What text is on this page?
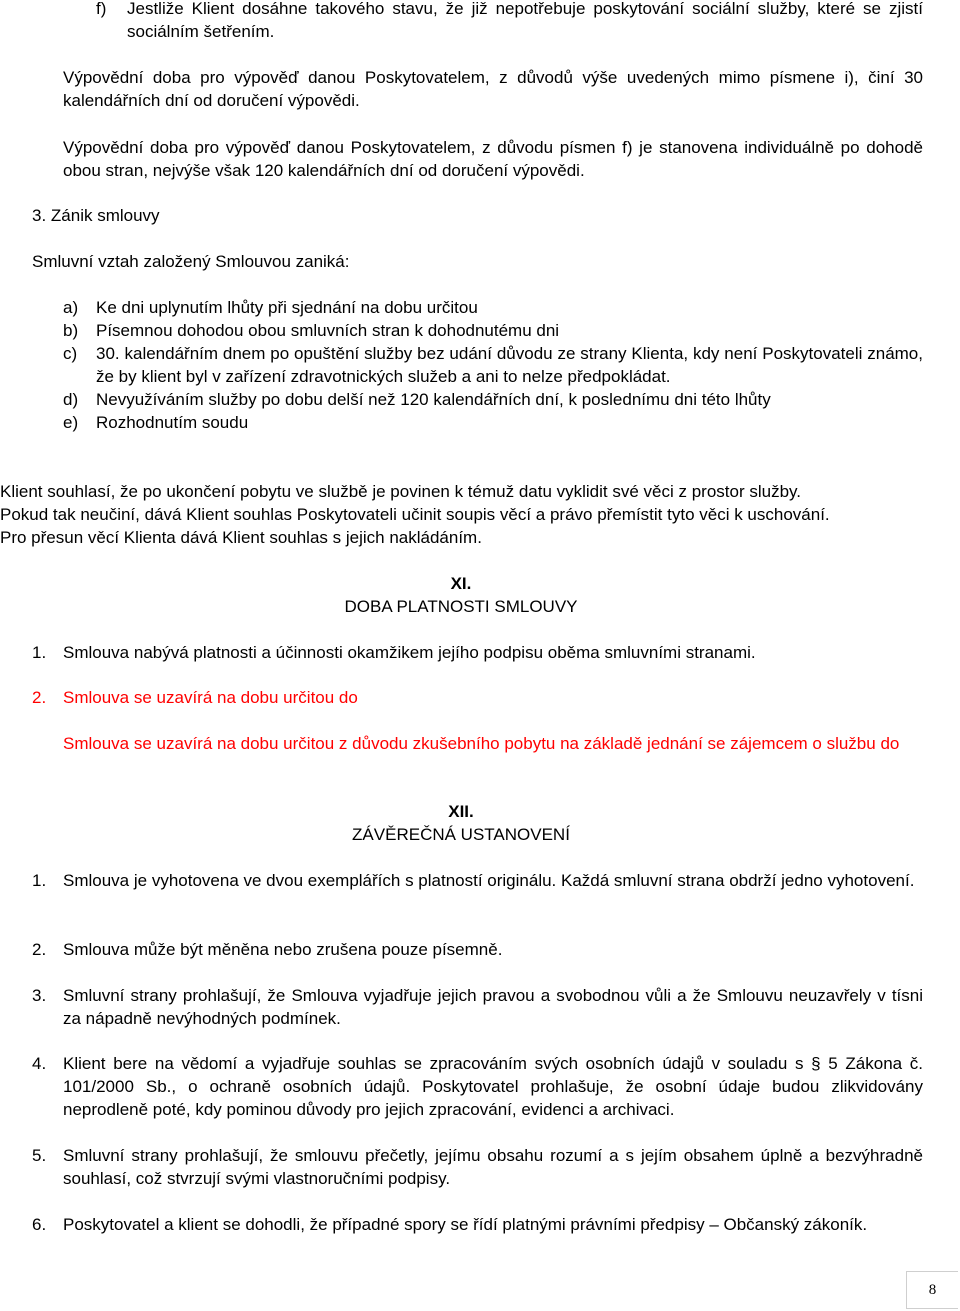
f)	Jestliže Klient dosáhne takového stavu, že již nepotřebuje poskytování sociální služby, které se zjistí sociálním šetřením.
Výpovědní doba pro výpověď danou Poskytovatelem, z důvodů výše uvedených mimo písmene i), činí 30 kalendářních dní od doručení výpovědi.
Výpovědní doba pro výpověď danou Poskytovatelem, z důvodu písmen f) je stanovena individuálně po dohodě obou stran, nejvýše však 120 kalendářních dní od doručení výpovědi.
3. Zánik smlouvy
Smluvní vztah založený Smlouvou zaniká:
a)	Ke dni uplynutím lhůty při sjednání na dobu určitou
b)	Písemnou dohodou obou smluvních stran k dohodnutému dni
c)	30. kalendářním dnem po opuštění služby bez udání důvodu ze strany Klienta, kdy není Poskytovateli známo, že by klient byl v zařízení zdravotnických služeb a ani to nelze předpokládat.
d)	Nevyužíváním služby po dobu delší než 120 kalendářních dní, k poslednímu dni této lhůty
e)	Rozhodnutím soudu
Klient souhlasí, že po ukončení pobytu ve službě je povinen k témuž datu vyklidit své věci z prostor služby.
Pokud tak neučiní, dává Klient souhlas Poskytovateli učinit soupis věcí a právo přemístit tyto věci k uschování.
Pro přesun věcí Klienta dává Klient souhlas s jejich nakládáním.
XI.
DOBA PLATNOSTI SMLOUVY
1. Smlouva nabývá platnosti a účinnosti okamžikem jejího podpisu oběma smluvními stranami.
2. Smlouva se uzavírá na dobu určitou do
Smlouva se uzavírá na dobu určitou z důvodu zkušebního pobytu na základě jednání se zájemcem o službu do
XII.
ZÁVĚREČNÁ USTANOVENÍ
1. Smlouva je vyhotovena ve dvou exemplářích s platností originálu. Každá smluvní strana obdrží jedno vyhotovení.
2. Smlouva může být měněna nebo zrušena pouze písemně.
3. Smluvní strany prohlašují, že Smlouva vyjadřuje jejich pravou a svobodnou vůli a že Smlouvu neuzavřely v tísni za nápadně nevýhodných podmínek.
4. Klient bere na vědomí a vyjadřuje souhlas se zpracováním svých osobních údajů v souladu s § 5 Zákona č. 101/2000 Sb., o ochraně osobních údajů. Poskytovatel prohlašuje, že osobní údaje budou zlikvidovány neprodleně poté, kdy pominou důvody pro jejich zpracování, evidenci a archivaci.
5. Smluvní strany prohlašují, že smlouvu přečetly, jejímu obsahu rozumí a s jejím obsahem úplně a bezvýhradně souhlasí, což stvrzují svými vlastnoručními podpisy.
6. Poskytovatel a klient se dohodli, že případné spory se řídí platnými právními předpisy – Občanský zákoník.
8
